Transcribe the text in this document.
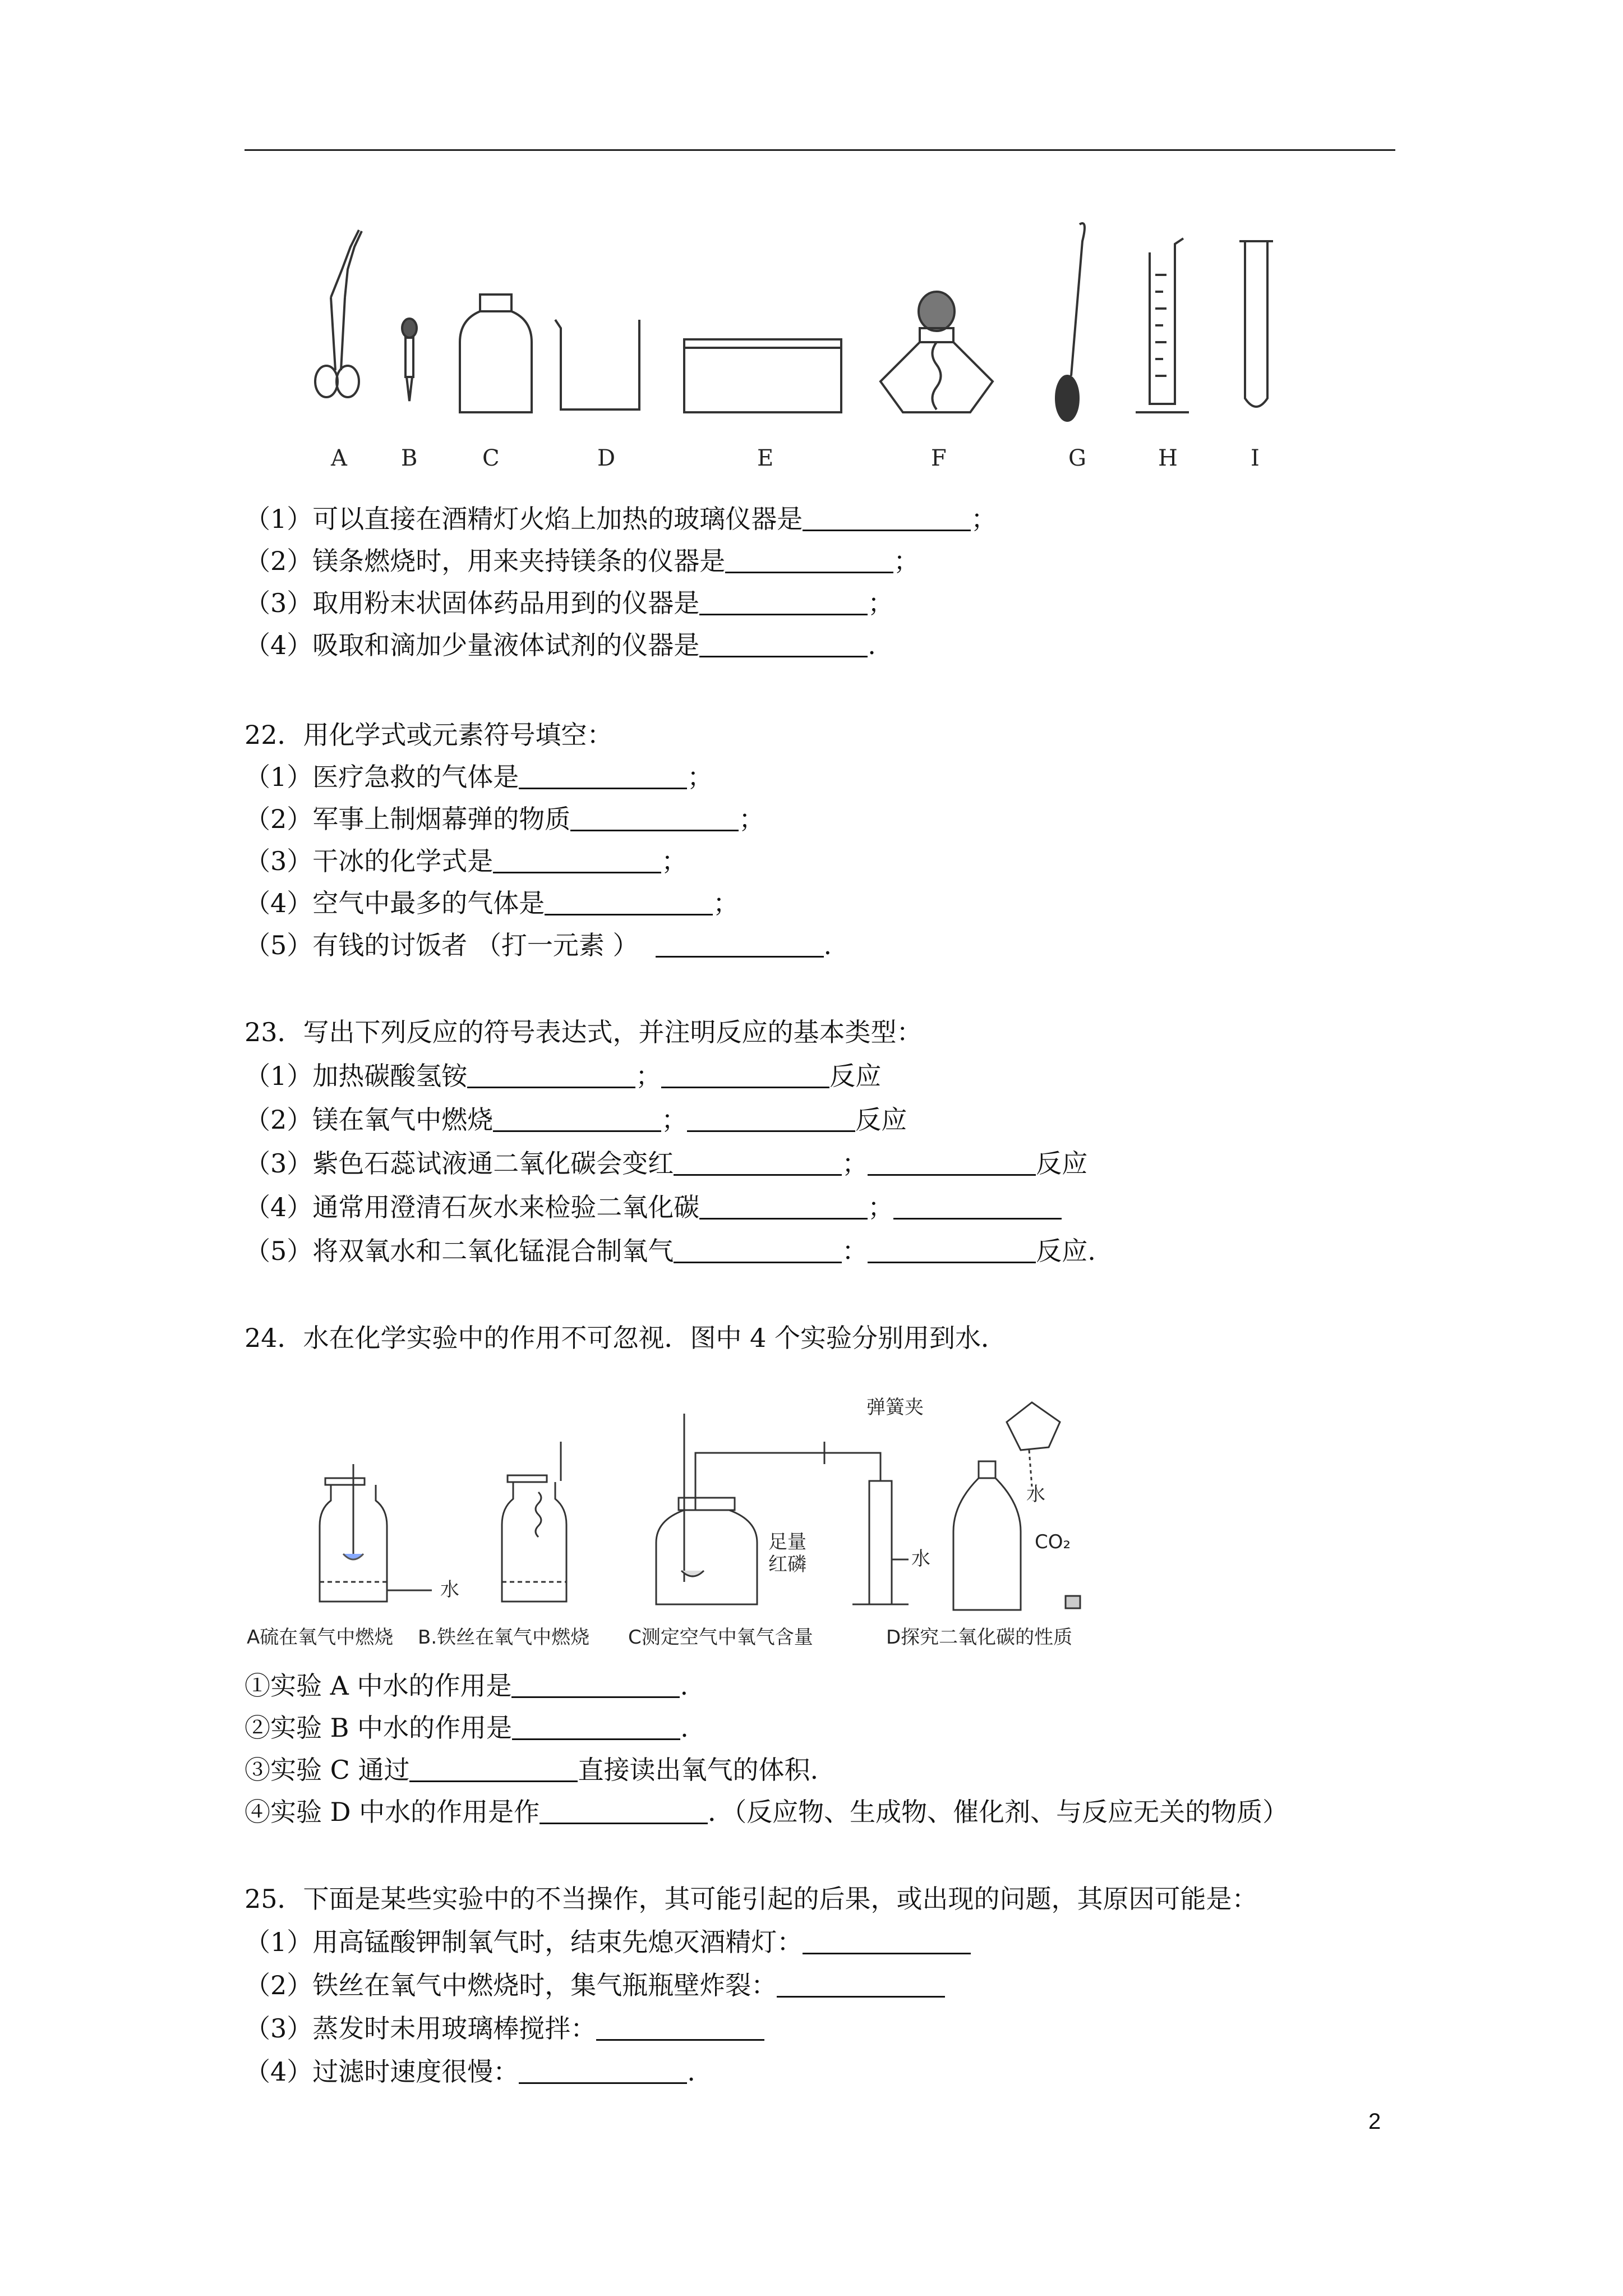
A B	C	D	E	F	G	H	I
（1）可以直接在酒精灯火焰上加热的玻璃仪器是	；
（2）镁条燃烧时，用来夹持镁条的仪器是	；
（3）取用粉末状固体药品用到的仪器是	；
（4）吸取和滴加少量液体试剂的仪器是	.
22．用化学式或元素符号填空：
（1）医疗急救的气体是	；
（2）军事上制烟幕弹的物质	；
（3）干冰的化学式是	；
（4）空气中最多的气体是	；
（5）有钱的讨饭者 （打一元素 ）	.
23．写出下列反应的符号表达式，并注明反应的基本类型：
（1）加热碳酸氢铵	；	反应
（2）镁在氧气中燃烧	；	反应
（3）紫色石蕊试液通二氧化碳会变红	；	反应
（4）通常用澄清石灰水来检验二氧化碳	；
（5）将双氧水和二氧化锰混合制氧气	：	反应.
24．水在化学实验中的作用不可忽视．图中 4 个实验分别用到水．
水
弹簧夹
足量
红磷	水
水
CO₂
A硫在氧气中燃烧 B.铁丝在氧气中燃烧 C测定空气中氧气含量	D探究二氧化碳的性质
①实验 A 中水的作用是	.
②实验 B 中水的作用是	.
③实验 C 通过	直接读出氧气的体积.
④实验 D 中水的作用是作	．（反应物、生成物、催化剂、与反应无关的物质）
25．下面是某些实验中的不当操作，其可能引起的后果，或出现的问题，其原因可能是：
（1）用高锰酸钾制氧气时，结束先熄灭酒精灯：
（2）铁丝在氧气中燃烧时，集气瓶瓶壁炸裂：
（3）蒸发时未用玻璃棒搅拌：
（4）过滤时速度很慢：	.
2
